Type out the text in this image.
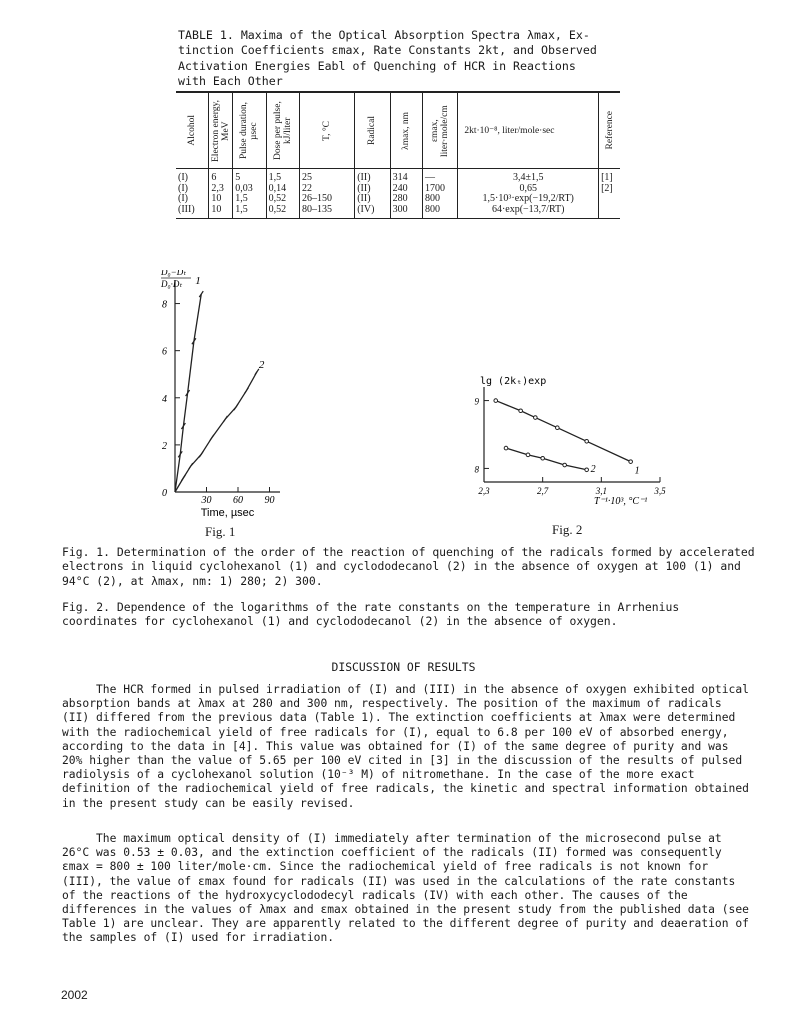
TABLE 1. Maxima of the Optical Absorption Spectra λmax, Ex-
tinction Coefficients εmax, Rate Constants 2kt, and Observed
Activation Energies Eabl of Quenching of HCR in Reactions
with Each Other
Alcohol	Electron energy, MeV	Pulse duration, µsec	Dose per pulse, kJ/liter	T, °C	Radical	λmax, nm	εmax, liter·mole/cm	2kt·10⁻⁸, liter/mole·sec	Reference

(I)	6	5	1,5	25	(II)	314	—	3,4±1,5	[1]
(I)	2,3	0,03	0,14	22	(II)	240	1700	0,65	[2]
(I)	10	1,5	0,52	26–150	(II)	280	800	1,5·10³·exp(−19,2/RT)	
(III)	10	1,5	0,52	80–135	(IV)	300	800	64·exp(−13,7/RT)	
2
4
6
8
0
30 60 90
Time, µsec
D₀−Dₜ
D₀·Dₜ 1
2
Fig. 1
9
8
2,3	2,7	3,1	3,5
T⁻¹·10³, °C⁻¹
lg (2kₜ)exp
1
2
Fig. 2
Fig. 1. Determination of the order of the reaction of quenching of the radicals formed by accelerated electrons in liquid cyclohexanol (1) and cyclododecanol (2) in the absence of oxygen at 100 (1) and 94°C (2), at λmax, nm: 1) 280; 2) 300.
Fig. 2. Dependence of the logarithms of the rate constants on the temperature in Arrhenius coordinates for cyclohexanol (1) and cyclododecanol (2) in the absence of oxygen.
DISCUSSION OF RESULTS
The HCR formed in pulsed irradiation of (I) and (III) in the absence of oxygen exhibited optical absorption bands at λmax at 280 and 300 nm, respectively. The position of the maximum of radicals (II) differed from the previous data (Table 1). The extinction coefficients at λmax were determined with the radiochemical yield of free radicals for (I), equal to 6.8 per 100 eV of absorbed energy, according to the data in [4]. This value was obtained for (I) of the same degree of purity and was 20% higher than the value of 5.65 per 100 eV cited in [3] in the discussion of the results of pulsed radiolysis of a cyclohexanol solution (10⁻³ M) of nitromethane. In the case of the more exact definition of the radiochemical yield of free radicals, the kinetic and spectral information obtained in the present study can be easily revised.
The maximum optical density of (I) immediately after termination of the microsecond pulse at 26°C was 0.53 ± 0.03, and the extinction coefficient of the radicals (II) formed was consequently εmax = 800 ± 100 liter/mole·cm. Since the radiochemical yield of free radicals is not known for (III), the value of εmax found for radicals (II) was used in the calculations of the rate constants of the reactions of the hydroxycyclododecyl radicals (IV) with each other. The causes of the differences in the values of λmax and εmax obtained in the present study from the published data (see Table 1) are unclear. They are apparently related to the different degree of purity and deaeration of the samples of (I) used for irradiation.
2002
